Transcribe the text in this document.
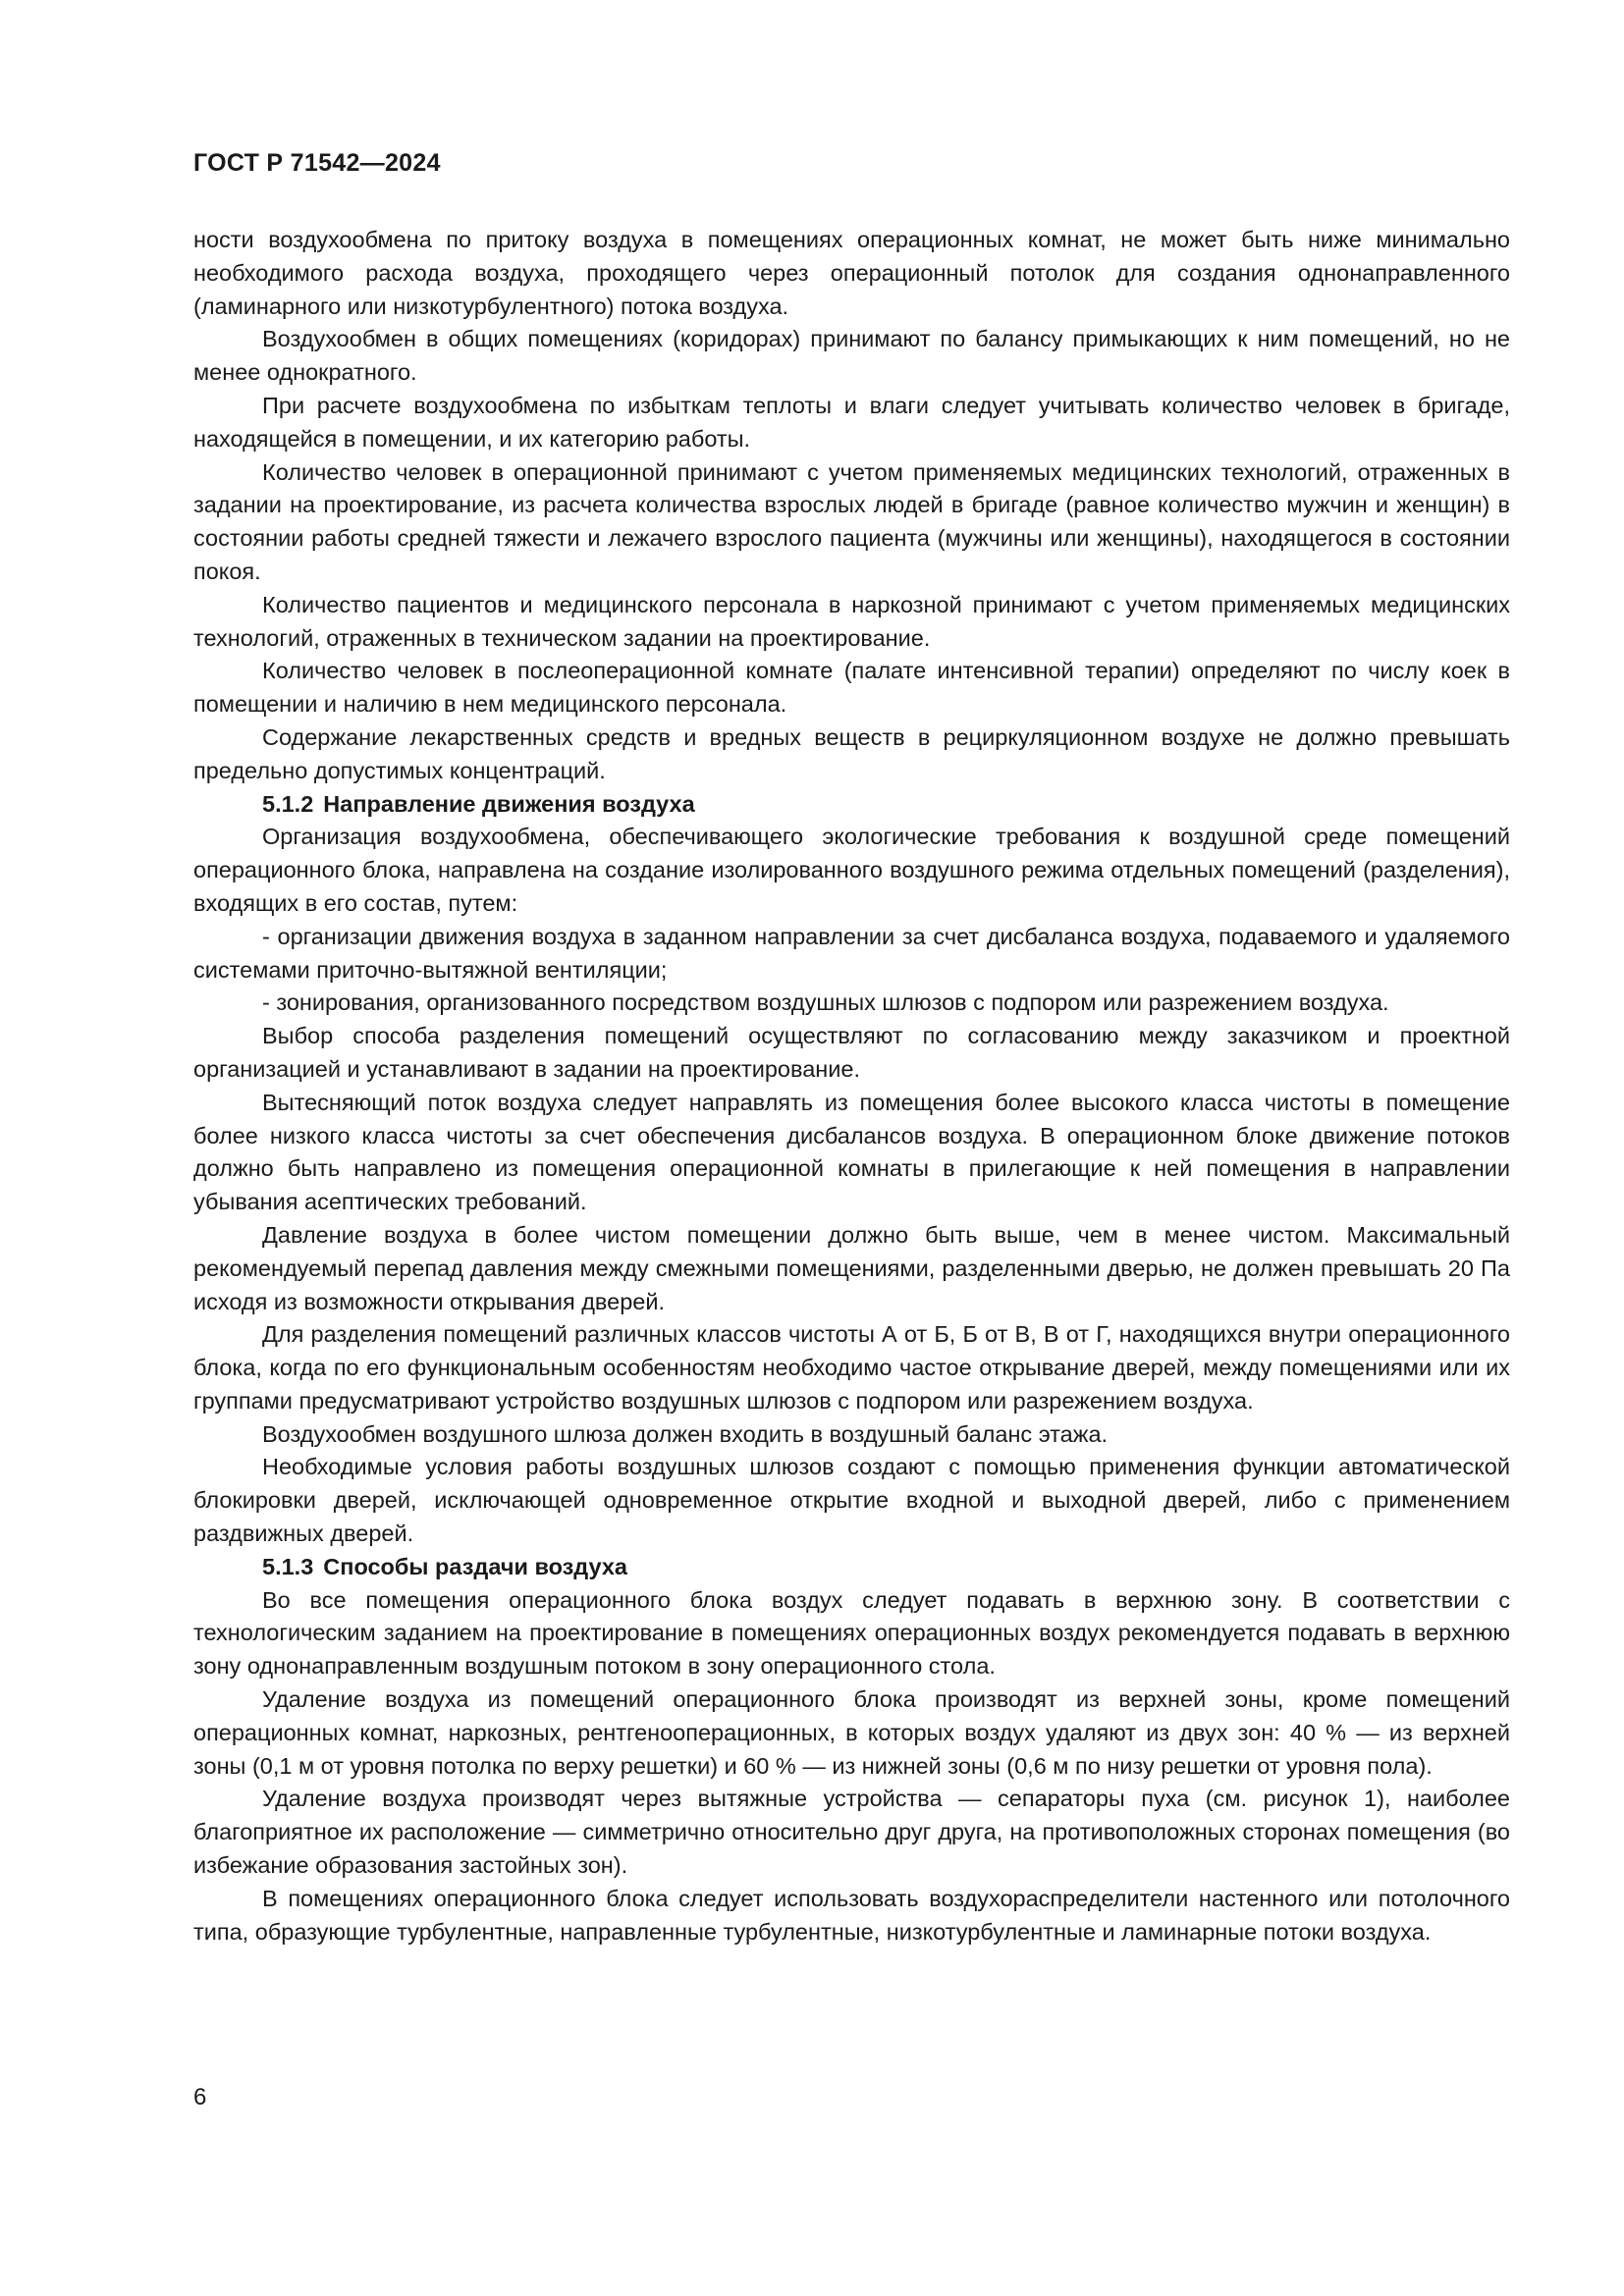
ГОСТ Р 71542—2024

ности воздухообмена по притоку воздуха в помещениях операционных комнат, не может быть ниже минимально необходимого расхода воздуха, проходящего через операционный потолок для создания однонаправленного (ламинарного или низкотурбулентного) потока воздуха.

Воздухообмен в общих помещениях (коридорах) принимают по балансу примыкающих к ним помещений, но не менее однократного.

При расчете воздухообмена по избыткам теплоты и влаги следует учитывать количество человек в бригаде, находящейся в помещении, и их категорию работы.

Количество человек в операционной принимают с учетом применяемых медицинских технологий, отраженных в задании на проектирование, из расчета количества взрослых людей в бригаде (равное количество мужчин и женщин) в состоянии работы средней тяжести и лежачего взрослого пациента (мужчины или женщины), находящегося в состоянии покоя.

Количество пациентов и медицинского персонала в наркозной принимают с учетом применяемых медицинских технологий, отраженных в техническом задании на проектирование.

Количество человек в послеоперационной комнате (палате интенсивной терапии) определяют по числу коек в помещении и наличию в нем медицинского персонала.

Содержание лекарственных средств и вредных веществ в рециркуляционном воздухе не должно превышать предельно допустимых концентраций.

5.1.2 Направление движения воздуха

Организация воздухообмена, обеспечивающего экологические требования к воздушной среде помещений операционного блока, направлена на создание изолированного воздушного режима отдельных помещений (разделения), входящих в его состав, путем:

- организации движения воздуха в заданном направлении за счет дисбаланса воздуха, подаваемого и удаляемого системами приточно-вытяжной вентиляции;

- зонирования, организованного посредством воздушных шлюзов с подпором или разрежением воздуха.

Выбор способа разделения помещений осуществляют по согласованию между заказчиком и проектной организацией и устанавливают в задании на проектирование.

Вытесняющий поток воздуха следует направлять из помещения более высокого класса чистоты в помещение более низкого класса чистоты за счет обеспечения дисбалансов воздуха. В операционном блоке движение потоков должно быть направлено из помещения операционной комнаты в прилегающие к ней помещения в направлении убывания асептических требований.

Давление воздуха в более чистом помещении должно быть выше, чем в менее чистом. Максимальный рекомендуемый перепад давления между смежными помещениями, разделенными дверью, не должен превышать 20 Па исходя из возможности открывания дверей.

Для разделения помещений различных классов чистоты А от Б, Б от В, В от Г, находящихся внутри операционного блока, когда по его функциональным особенностям необходимо частое открывание дверей, между помещениями или их группами предусматривают устройство воздушных шлюзов с подпором или разрежением воздуха.

Воздухообмен воздушного шлюза должен входить в воздушный баланс этажа.

Необходимые условия работы воздушных шлюзов создают с помощью применения функции автоматической блокировки дверей, исключающей одновременное открытие входной и выходной дверей, либо с применением раздвижных дверей.

5.1.3 Способы раздачи воздуха

Во все помещения операционного блока воздух следует подавать в верхнюю зону. В соответствии с технологическим заданием на проектирование в помещениях операционных воздух рекомендуется подавать в верхнюю зону однонаправленным воздушным потоком в зону операционного стола.

Удаление воздуха из помещений операционного блока производят из верхней зоны, кроме помещений операционных комнат, наркозных, рентгенооперационных, в которых воздух удаляют из двух зон: 40 % — из верхней зоны (0,1 м от уровня потолка по верху решетки) и 60 % — из нижней зоны (0,6 м по низу решетки от уровня пола).

Удаление воздуха производят через вытяжные устройства — сепараторы пуха (см. рисунок 1), наиболее благоприятное их расположение — симметрично относительно друг друга, на противоположных сторонах помещения (во избежание образования застойных зон).

В помещениях операционного блока следует использовать воздухораспределители настенного или потолочного типа, образующие турбулентные, направленные турбулентные, низкотурбулентные и ламинарные потоки воздуха.

6
